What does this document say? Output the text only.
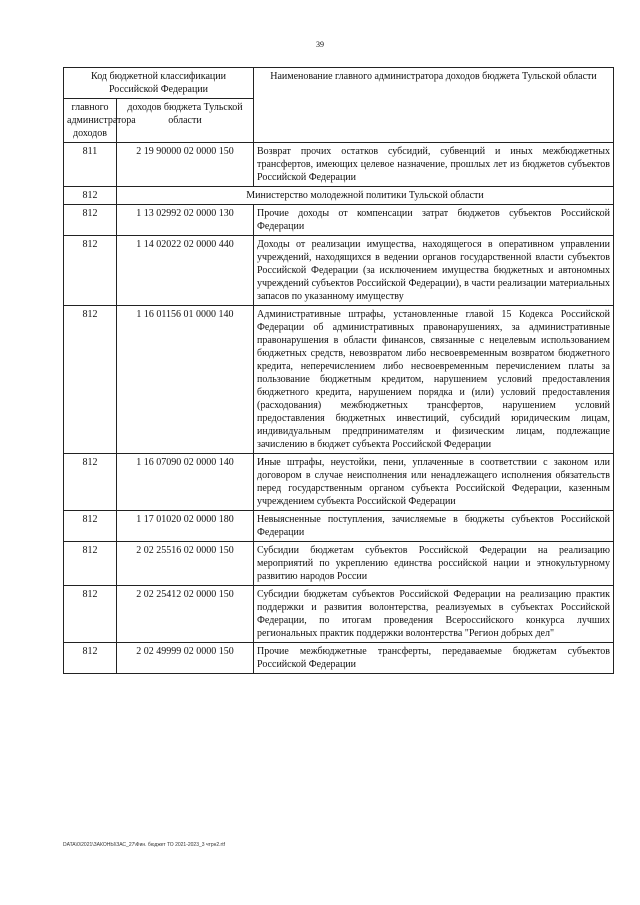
39
Код бюджетной классификации Российской Федерации		Наименование главного администратора доходов бюджета Тульской области
главного администратора доходов	доходов бюджета Тульской области	
811	2 19 90000 02 0000 150	Возврат прочих остатков субсидий, субвенций и иных межбюджетных трансфертов, имеющих целевое назначение, прошлых лет из бюджетов субъектов Российской Федерации
812	Министерство молодежной политики Тульской области	
812	1 13 02992 02 0000 130	Прочие доходы от компенсации затрат бюджетов субъектов Российской Федерации
812	1 14 02022 02 0000 440	Доходы от реализации имущества, находящегося в оперативном управлении учреждений, находящихся в ведении органов государственной власти субъектов Российской Федерации (за исключением имущества бюджетных и автономных учреждений субъектов Российской Федерации), в части реализации материальных запасов по указанному имуществу
812	1 16 01156 01 0000 140	Административные штрафы, установленные главой 15 Кодекса Российской Федерации об административных правонарушениях, за административные правонарушения в области финансов, связанные с нецелевым использованием бюджетных средств, невозвратом либо несвоевременным возвратом бюджетного кредита, неперечислением либо несвоевременным перечислением платы за пользование бюджетным кредитом, нарушением условий предоставления бюджетного кредита, нарушением порядка и (или) условий предоставления (расходования) межбюджетных трансфертов, нарушением условий предоставления бюджетных инвестиций, субсидий юридическим лицам, индивидуальным предпринимателям и физическим лицам, подлежащие зачислению в бюджет субъекта Российской Федерации
812	1 16 07090 02 0000 140	Иные штрафы, неустойки, пени, уплаченные в соответствии с законом или договором в случае неисполнения или ненадлежащего исполнения обязательств перед государственным органом субъекта Российской Федерации, казенным учреждением субъекта Российской Федерации
812	1 17 01020 02 0000 180	Невыясненные поступления, зачисляемые в бюджеты субъектов Российской Федерации
812	2 02 25516 02 0000 150	Субсидии бюджетам субъектов Российской Федерации на реализацию мероприятий по укреплению единства российской нации и этнокультурному развитию народов России
812	2 02 25412 02 0000 150	Субсидии бюджетам субъектов Российской Федерации на реализацию практик поддержки и развития волонтерства, реализуемых в субъектах Российской Федерации, по итогам проведения Всероссийского конкурса лучших региональных практик поддержки волонтерства "Регион добрых дел"
812	2 02 49999 02 0000 150	Прочие межбюджетные трансферты, передаваемые бюджетам субъектов Российской Федерации
DATA\0\2021\ЗАКОНЫ\ЗАС_27\Фин. бюджет ТО 2021-2023_3 чтрн2.rtf
